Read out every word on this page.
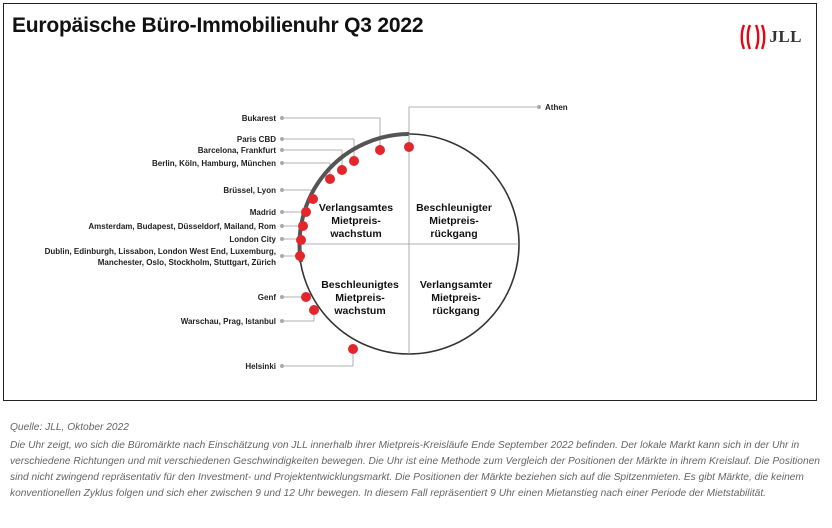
Europäische Büro-Immobilienuhr Q3 2022	JLL
Athen
Bukarest
Paris CBD
Barcelona, Frankfurt
Berlin, Köln, Hamburg, München
Brüssel, Lyon
Madrid
Amsterdam, Budapest, Düsseldorf, Mailand, Rom
London City
Dublin, Edinburgh, Lissabon, London West End, Luxemburg,
Manchester, Oslo, Stockholm, Stuttgart, Zürich
Genf
Warschau, Prag, Istanbul
Helsinki
Verlangsamtes
Mietpreis-
wachstum
Beschleunigter
Mietpreis-
rückgang
Beschleunigtes
Mietpreis-
wachstum
Verlangsamter
Mietpreis-
rückgang

Quelle: JLL, Oktober 2022

Die Uhr zeigt, wo sich die Büromärkte nach Einschätzung von JLL innerhalb ihrer Mietpreis-Kreisläufe Ende September 2022 befinden. Der lokale Markt kann sich in der Uhr in verschiedene Richtungen und mit verschiedenen Geschwindigkeiten bewegen. Die Uhr ist eine Methode zum Vergleich der Positionen der Märkte in ihrem Kreislauf. Die Positionen sind nicht zwingend repräsentativ für den Investment- und Projektentwicklungsmarkt. Die Positionen der Märkte beziehen sich auf die Spitzenmieten. Es gibt Märkte, die keinem konventionellen Zyklus folgen und sich eher zwischen 9 und 12 Uhr bewegen. In diesem Fall repräsentiert 9 Uhr einen Mietanstieg nach einer Periode der Mietstabilität.
